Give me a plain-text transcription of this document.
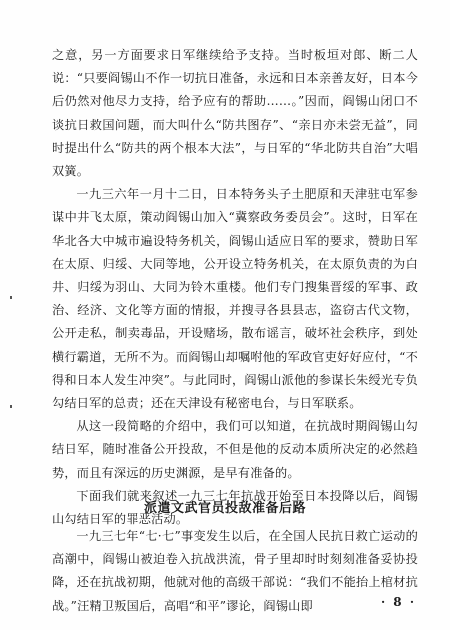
之意，另一方面要求日军继续给予支持。当时板垣对郎、断二人说：“只要阎锡山不作一切抗日准备，永远和日本亲善友好，日本今后仍然对他尽力支持，给予应有的帮助……。”因而，阎锡山闭口不谈抗日救国问题，而大叫什么“防共图存”、“亲日亦未尝无益”，同时提出什么“防共的两个根本大法”，与日军的“华北防共自治”大唱双簧。

一九三六年一月十二日，日本特务头子土肥原和天津驻屯军参谋中井飞太原，策动阎锡山加入“冀察政务委员会”。这时，日军在华北各大中城市遍设特务机关，阎锡山适应日军的要求，赞助日军在太原、归绥、大同等地，公开设立特务机关，在太原负责的为白井、归绥为羽山、大同为铃木重楼。他们专门搜集晋绥的军事、政治、经济、文化等方面的情报，并搜寻各县县志，盗窃古代文物，公开走私，制卖毒品，开设赌场，散布谣言，破坏社会秩序，到处横行霸道，无所不为。而阎锡山却嘱咐他的军政官吏好好应付，“不得和日本人发生冲突”。与此同时，阎锡山派他的参谋长朱绶光专负勾结日军的总责；还在天津设有秘密电台，与日军联系。

从这一段简略的介绍中，我们可以知道，在抗战时期阎锡山勾结日军，随时准备公开投敌，不但是他的反动本质所决定的必然趋势，而且有深远的历史渊源，是早有准备的。

下面我们就来叙述一九三七年抗战开始至日本投降以后，阎锡山勾结日军的罪恶活动。

派遣文武官员投敌准备后路

一九三七年“七·七”事变发生以后，在全国人民抗日救亡运动的高潮中，阎锡山被迫卷入抗战洪流，骨子里却时时刻刻准备妥协投降，还在抗战初期，他就对他的高级干部说：“我们不能抬上棺材抗战。”汪精卫叛国后，高唱“和平”谬论，阎锡山即	· 8 ·
